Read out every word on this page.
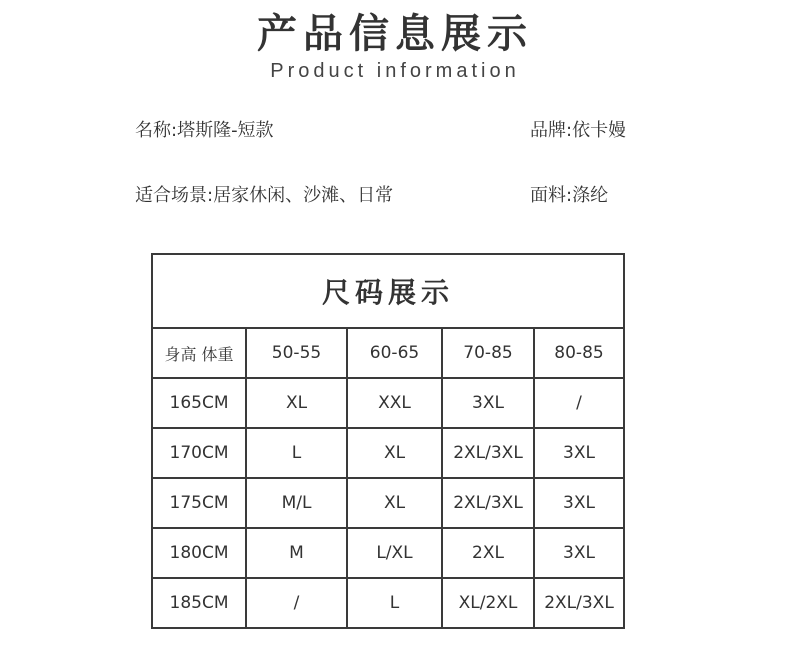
产品信息展示
Product information
名称:塔斯隆-短款	品牌:依卡嫚
适合场景:居家休闲、沙滩、日常	面料:涤纶
尺码展示				
身高 体重	50-55	60-65	70-85	80-85
165CM	XL	XXL	3XL	/
170CM	L	XL	2XL/3XL	3XL
175CM	M/L	XL	2XL/3XL	3XL
180CM	M	L/XL	2XL	3XL
185CM	/	L	XL/2XL	2XL/3XL
